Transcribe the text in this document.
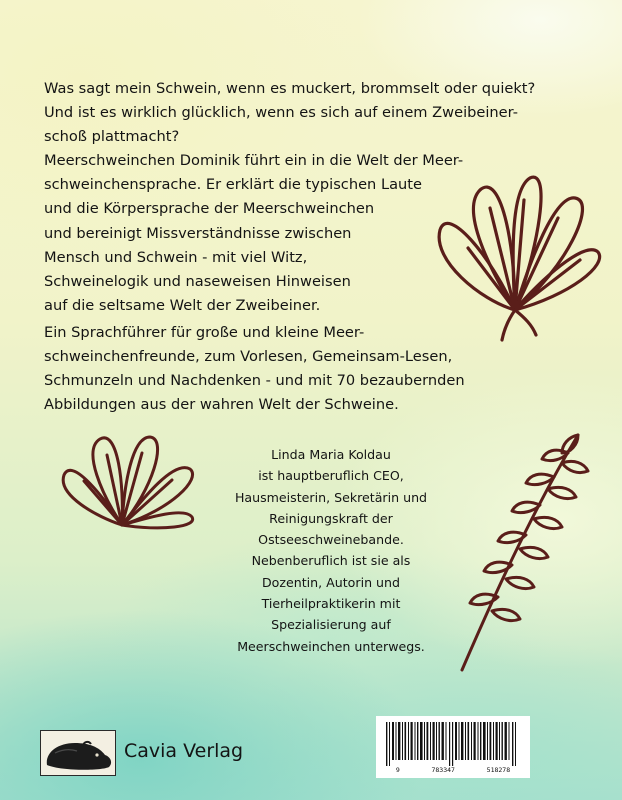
Was sagt mein Schwein, wenn es muckert, brommselt oder quiekt?
Und ist es wirklich glücklich, wenn es sich auf einem Zweibeiner-
schoß plattmacht?
Meerschweinchen Dominik führt ein in die Welt der Meer-
schweinchensprache. Er erklärt die typischen Laute
und die Körpersprache der Meerschweinchen
und bereinigt Missverständnisse zwischen
Mensch und Schwein - mit viel Witz,
Schweinelogik und naseweisen Hinweisen
auf die seltsame Welt der Zweibeiner.
Ein Sprachführer für große und kleine Meer-
schweinchenfreunde, zum Vorlesen, Gemeinsam-Lesen,
Schmunzeln und Nachdenken - und mit 70 bezaubernden
Abbildungen aus der wahren Welt der Schweine.
Linda Maria Koldau
ist hauptberuflich CEO,
Hausmeisterin, Sekretärin und
Reinigungskraft der
Ostseeschweinebande.
Nebenberuflich ist sie als
Dozentin, Autorin und
Tierheilpraktikerin mit
Spezialisierung auf
Meerschweinchen unterwegs.
9	783347	518278
Cavia Verlag
